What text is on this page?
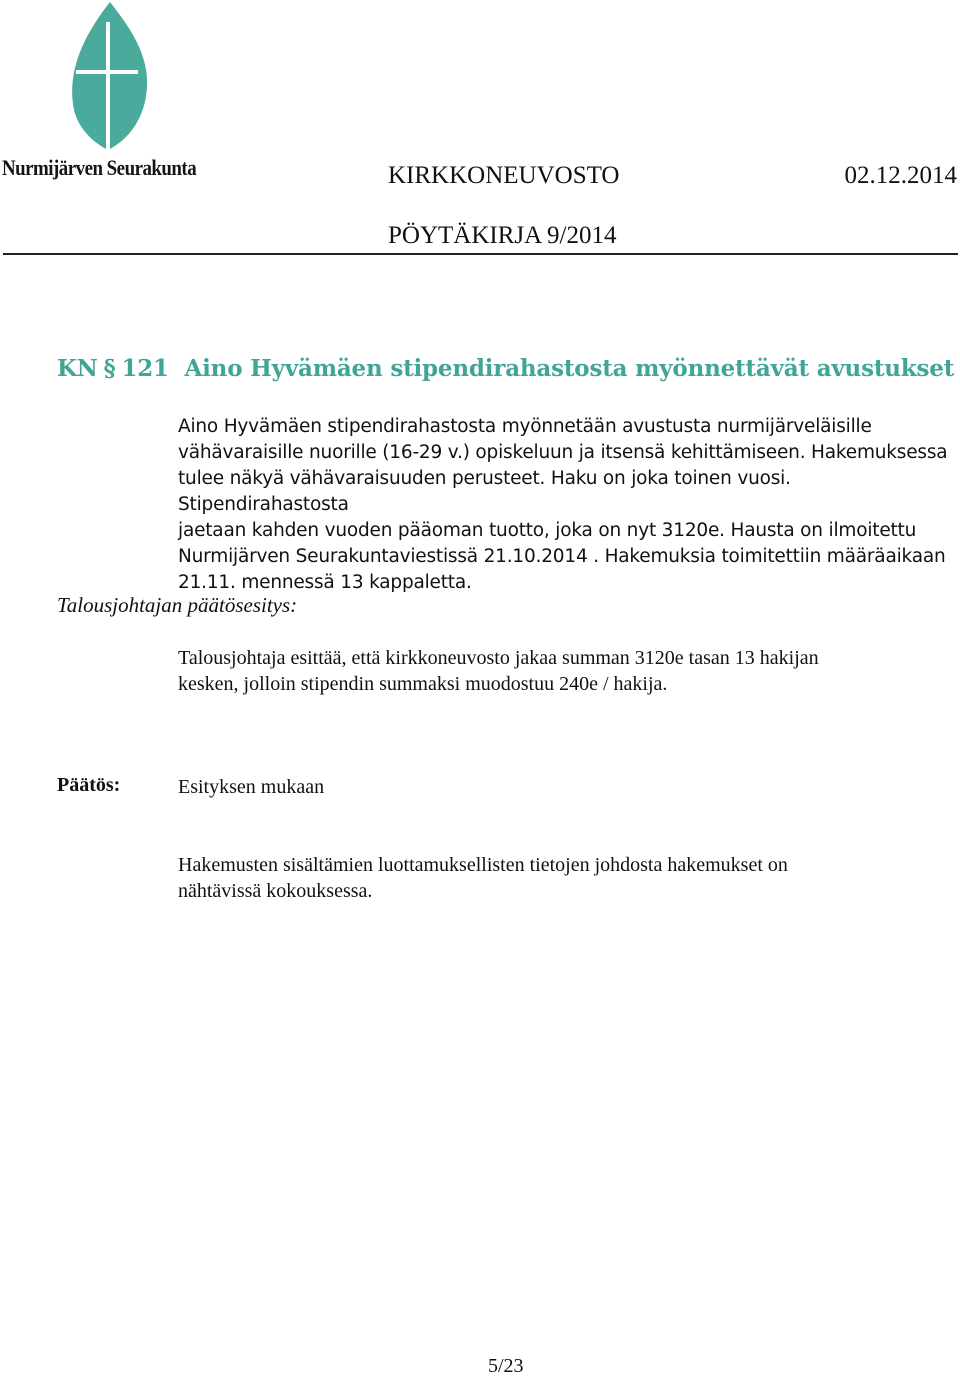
Nurmijärven Seurakunta	KIRKKONEUVOSTO	02.12.2014
PÖYTÄKIRJA 9/2014
KN § 121 Aino Hyvämäen stipendirahastosta myönnettävät avustukset
Aino Hyvämäen stipendirahastosta myönnetään avustusta nurmijärveläisille
vähävaraisille nuorille (16-29 v.) opiskeluun ja itsensä kehittämiseen. Hakemuksessa
tulee näkyä vähävaraisuuden perusteet. Haku on joka toinen vuosi. Stipendirahastosta
jaetaan kahden vuoden pääoman tuotto, joka on nyt 3120e. Hausta on ilmoitettu
Nurmijärven Seurakuntaviestissä 21.10.2014 . Hakemuksia toimitettiin määräaikaan
21.11. mennessä 13 kappaletta.
Talousjohtajan päätösesitys:
Talousjohtaja esittää, että kirkkoneuvosto jakaa summan 3120e tasan 13 hakijan
kesken, jolloin stipendin summaksi muodostuu 240e / hakija.
Päätös:	Esityksen mukaan
Hakemusten sisältämien luottamuksellisten tietojen johdosta hakemukset on
nähtävissä kokouksessa.
5/23
